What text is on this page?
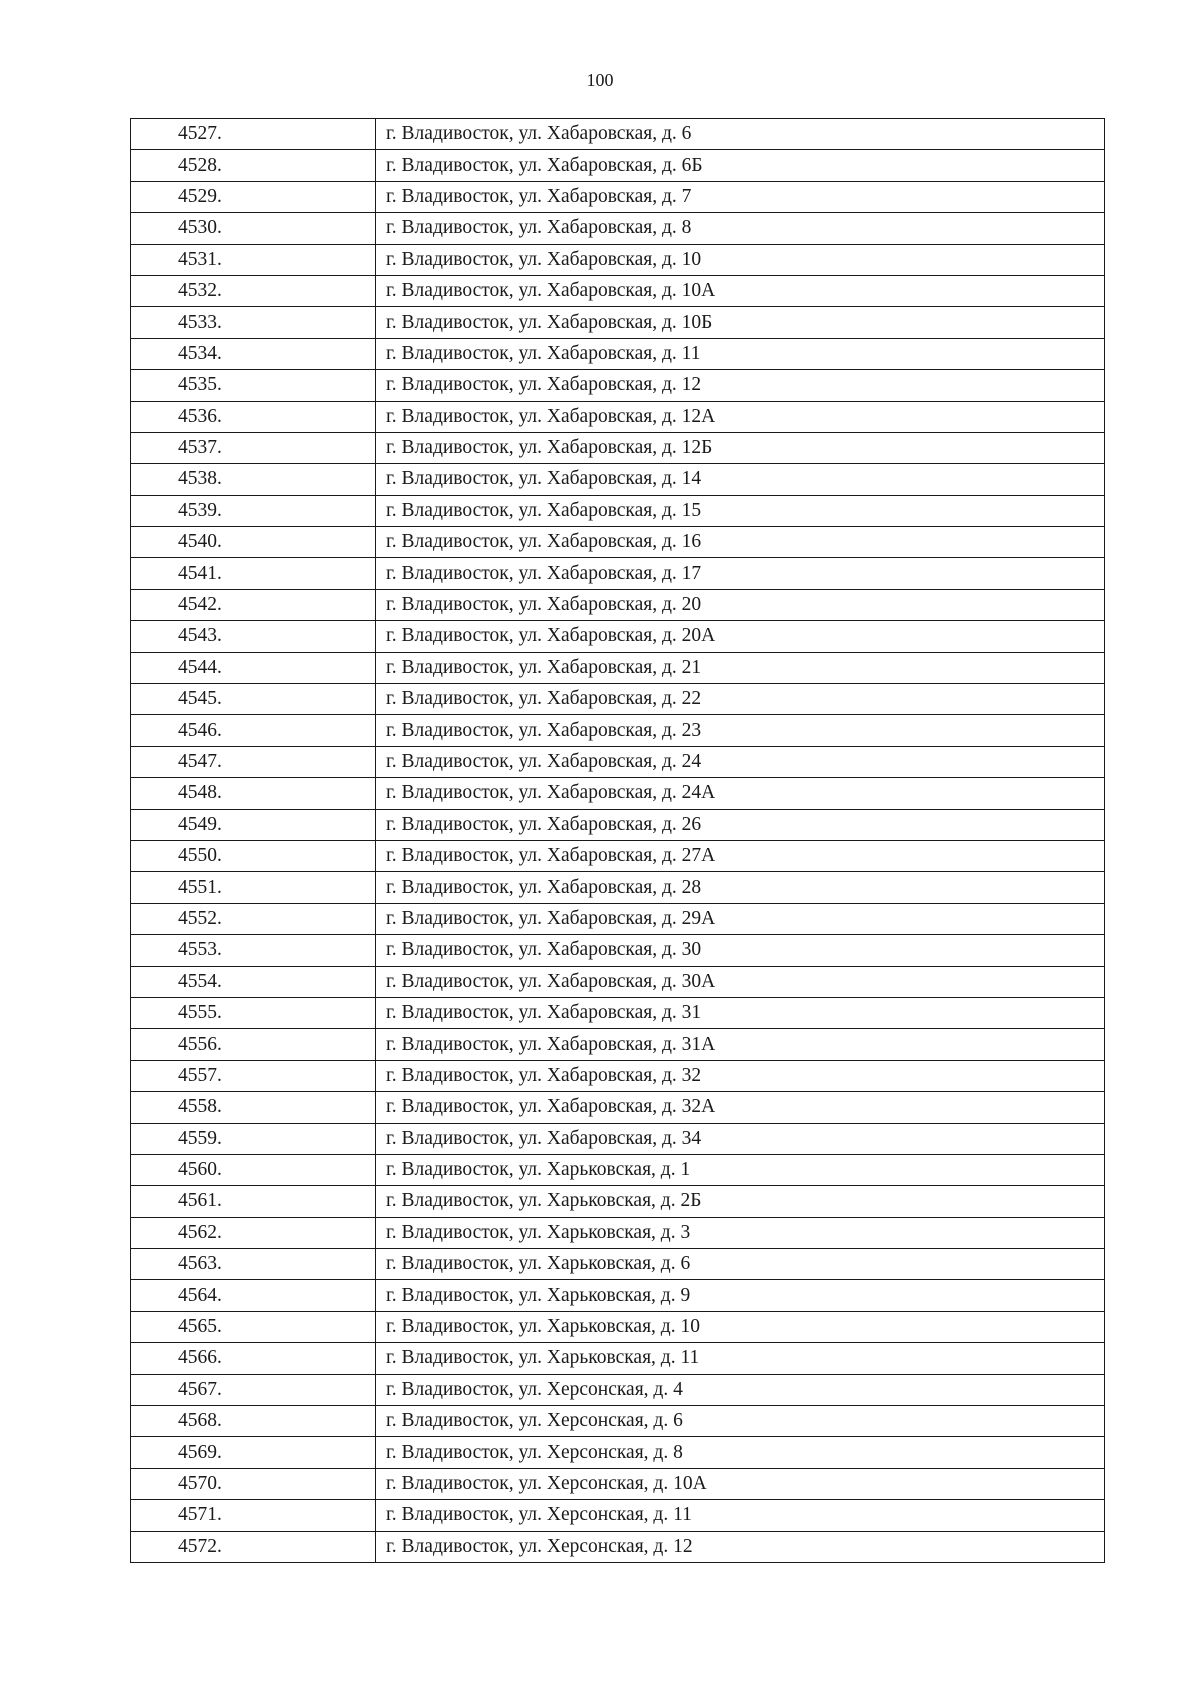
100
4527.	г. Владивосток, ул. Хабаровская, д. 6
4528.	г. Владивосток, ул. Хабаровская, д. 6Б
4529.	г. Владивосток, ул. Хабаровская, д. 7
4530.	г. Владивосток, ул. Хабаровская, д. 8
4531.	г. Владивосток, ул. Хабаровская, д. 10
4532.	г. Владивосток, ул. Хабаровская, д. 10А
4533.	г. Владивосток, ул. Хабаровская, д. 10Б
4534.	г. Владивосток, ул. Хабаровская, д. 11
4535.	г. Владивосток, ул. Хабаровская, д. 12
4536.	г. Владивосток, ул. Хабаровская, д. 12А
4537.	г. Владивосток, ул. Хабаровская, д. 12Б
4538.	г. Владивосток, ул. Хабаровская, д. 14
4539.	г. Владивосток, ул. Хабаровская, д. 15
4540.	г. Владивосток, ул. Хабаровская, д. 16
4541.	г. Владивосток, ул. Хабаровская, д. 17
4542.	г. Владивосток, ул. Хабаровская, д. 20
4543.	г. Владивосток, ул. Хабаровская, д. 20А
4544.	г. Владивосток, ул. Хабаровская, д. 21
4545.	г. Владивосток, ул. Хабаровская, д. 22
4546.	г. Владивосток, ул. Хабаровская, д. 23
4547.	г. Владивосток, ул. Хабаровская, д. 24
4548.	г. Владивосток, ул. Хабаровская, д. 24А
4549.	г. Владивосток, ул. Хабаровская, д. 26
4550.	г. Владивосток, ул. Хабаровская, д. 27А
4551.	г. Владивосток, ул. Хабаровская, д. 28
4552.	г. Владивосток, ул. Хабаровская, д. 29А
4553.	г. Владивосток, ул. Хабаровская, д. 30
4554.	г. Владивосток, ул. Хабаровская, д. 30А
4555.	г. Владивосток, ул. Хабаровская, д. 31
4556.	г. Владивосток, ул. Хабаровская, д. 31А
4557.	г. Владивосток, ул. Хабаровская, д. 32
4558.	г. Владивосток, ул. Хабаровская, д. 32А
4559.	г. Владивосток, ул. Хабаровская, д. 34
4560.	г. Владивосток, ул. Харьковская, д. 1
4561.	г. Владивосток, ул. Харьковская, д. 2Б
4562.	г. Владивосток, ул. Харьковская, д. 3
4563.	г. Владивосток, ул. Харьковская, д. 6
4564.	г. Владивосток, ул. Харьковская, д. 9
4565.	г. Владивосток, ул. Харьковская, д. 10
4566.	г. Владивосток, ул. Харьковская, д. 11
4567.	г. Владивосток, ул. Херсонская, д. 4
4568.	г. Владивосток, ул. Херсонская, д. 6
4569.	г. Владивосток, ул. Херсонская, д. 8
4570.	г. Владивосток, ул. Херсонская, д. 10А
4571.	г. Владивосток, ул. Херсонская, д. 11
4572.	г. Владивосток, ул. Херсонская, д. 12
